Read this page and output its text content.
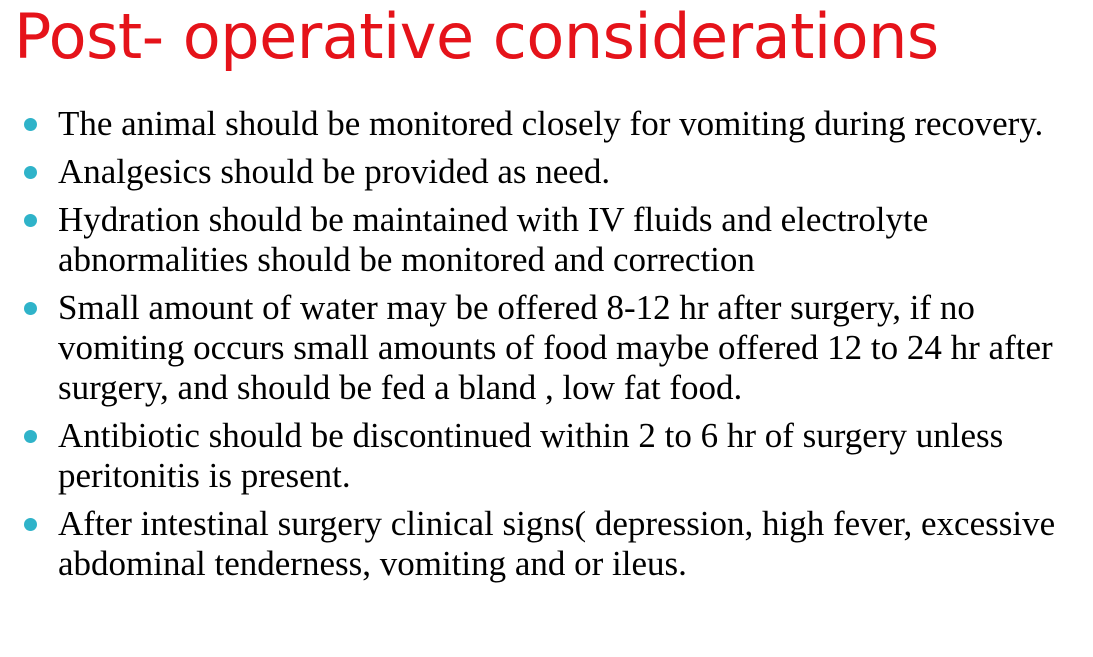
Post- operative considerations
The animal should be monitored closely for vomiting during recovery.
Analgesics should be provided as need.
Hydration should be maintained with IV fluids and electrolyte abnormalities should be monitored and correction
Small amount of water may be offered 8-12 hr after surgery, if no vomiting occurs small amounts of food maybe offered 12 to 24 hr after surgery, and should be fed a bland , low fat food.
Antibiotic should be discontinued within 2 to 6 hr of surgery unless peritonitis is present.
After intestinal surgery clinical signs( depression, high fever, excessive abdominal tenderness, vomiting and or ileus.
